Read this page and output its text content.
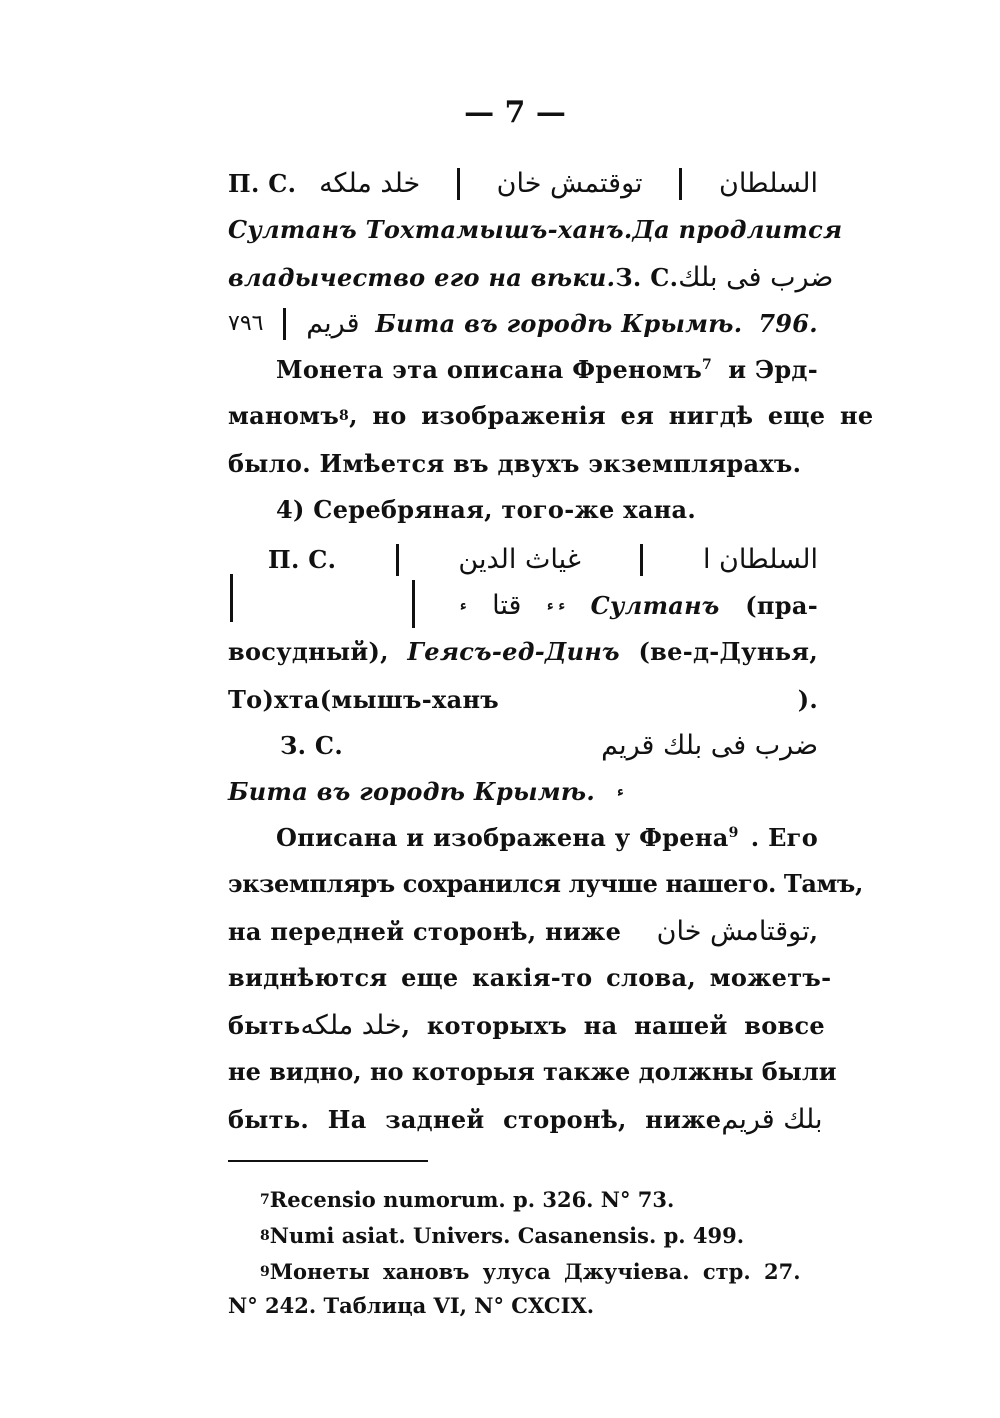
— 7 —
П. С. خلد ملكه	توقتمش خان	السلطان
Султанъ Тохтамышъ-ханъ. Да продлится
владычество его на вѣки. З. С. ضرب فى بلك
٧٩٦ قريم Бита въ городѣ Крымѣ. 796.
Монета эта описана Френомъ$^7$ и Эрд-
маномъ 8 , но изображенія ея нигдѣ еще не
было. Имѣется въ двухъ экземплярахъ.
4) Серебряная, того-же хана.
П. С.	غياث الدين	السلطان ا
ء قتا ء ء Султанъ (пра-
восудный), Геясъ-ед-Динъ (ве-д-Дунья,
То)хта(мышъ-ханъ	).
З. С.	ضرب فى بلك قريم
Бита въ городѣ Крымѣ. ء
Описана и изображена у Френа$^9$ . Его
экземпляръ сохранился лучше нашего. Тамъ,
на передней сторонѣ, ниже توقتامش خان,
виднѣются еще какія-то слова, можетъ-
быть خلد ملكه , которыхъ на нашей вовсе
не видно, но которыя также должны были
быть. На задней сторонѣ, ниже بلك قريم
7 Recensio numorum. p. 326. N° 73.
8 Numi asiat. Univers. Casanensis. p. 499.
9 Монеты хановъ улуса Джучіева. стр. 27.
N° 242. Таблица VI, N° CXCIX.
